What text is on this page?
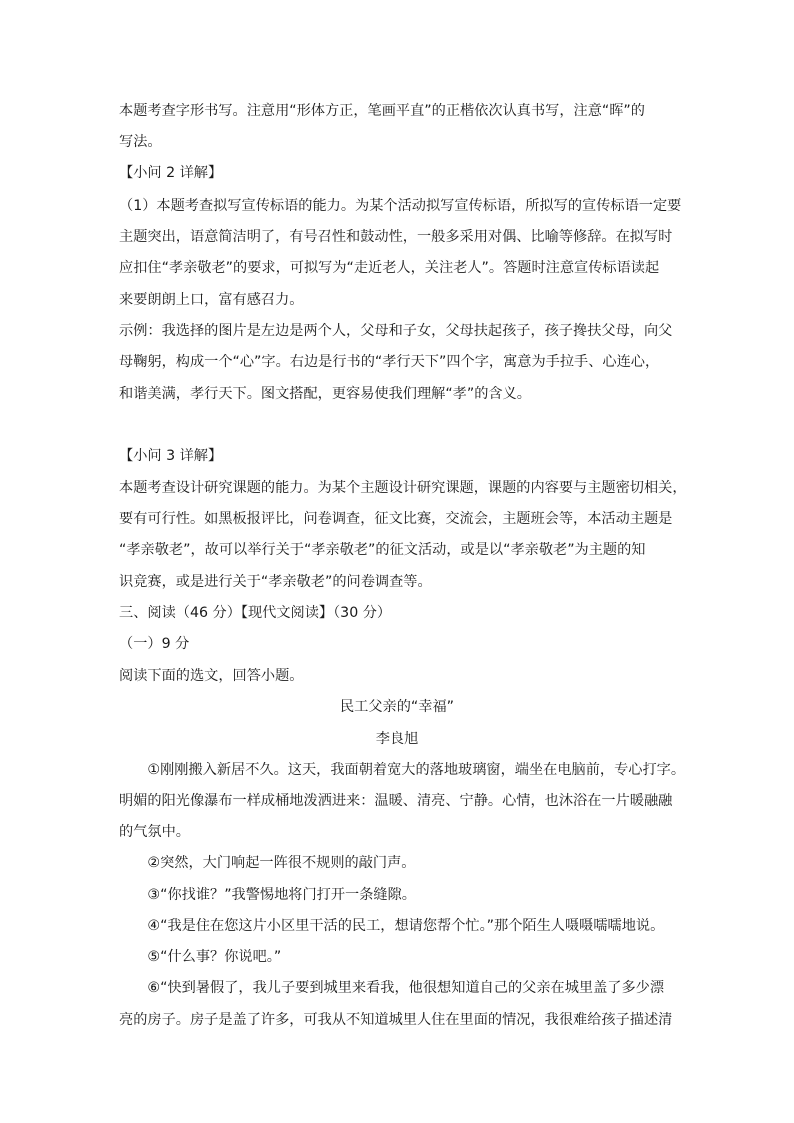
本题考查字形书写。注意用“形体方正，笔画平直”的正楷依次认真书写，注意“晖”的
写法。
【小问 2 详解】
（1）本题考查拟写宣传标语的能力。为某个活动拟写宣传标语，所拟写的宣传标语一定要
主题突出，语意简洁明了，有号召性和鼓动性，一般多采用对偶、比喻等修辞。在拟写时
应扣住“孝亲敬老”的要求，可拟写为“走近老人，关注老人”。答题时注意宣传标语读起
来要朗朗上口，富有感召力。
示例：我选择的图片是左边是两个人，父母和子女，父母扶起孩子，孩子搀扶父母，向父
母鞠躬，构成一个“心”字。右边是行书的“孝行天下”四个字，寓意为手拉手、心连心，
和谐美满，孝行天下。图文搭配，更容易使我们理解“孝”的含义。
【小问 3 详解】
本题考查设计研究课题的能力。为某个主题设计研究课题，课题的内容要与主题密切相关，
要有可行性。如黑板报评比，问卷调查，征文比赛，交流会，主题班会等，本活动主题是
“孝亲敬老”，故可以举行关于“孝亲敬老”的征文活动，或是以“孝亲敬老”为主题的知
识竞赛，或是进行关于“孝亲敬老”的问卷调查等。
三、阅读（46 分）【现代文阅读】（30 分）
（一）9 分
阅读下面的选文，回答小题。
民工父亲的“幸福”
李良旭
　　①刚刚搬入新居不久。这天，我面朝着宽大的落地玻璃窗，端坐在电脑前，专心打字。
明媚的阳光像瀑布一样成桶地泼洒进来：温暖、清亮、宁静。心情，也沐浴在一片暖融融
的气氛中。
　　②突然，大门响起一阵很不规则的敲门声。
　　③“你找谁？”我警惕地将门打开一条缝隙。
　　④“我是住在您这片小区里干活的民工，想请您帮个忙。”那个陌生人嗫嗫嚅嚅地说。
　　⑤“什么事？你说吧。”
　　⑥“快到暑假了，我儿子要到城里来看我，他很想知道自己的父亲在城里盖了多少漂
亮的房子。房子是盖了许多，可我从不知道城里人住在里面的情况，我很难给孩子描述清
